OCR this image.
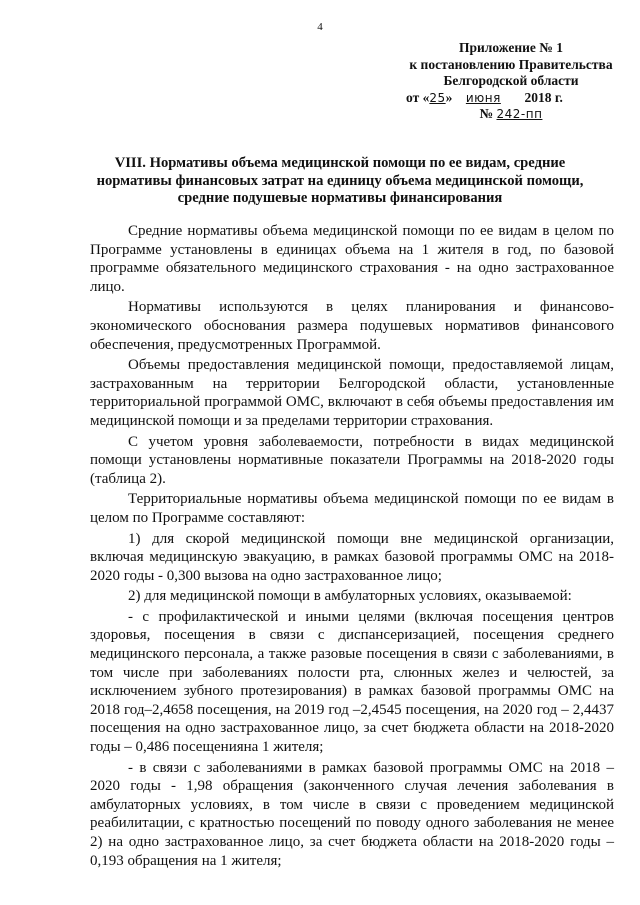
4
Приложение № 1
к постановлению Правительства
Белгородской области
от «25» июня 2018 г.
№ 242-пп
VIII. Нормативы объема медицинской помощи по ее видам, средние нормативы финансовых затрат на единицу объема медицинской помощи, средние подушевые нормативы финансирования

Средние нормативы объема медицинской помощи по ее видам в целом по Программе установлены в единицах объема на 1 жителя в год, по базовой программе обязательного медицинского страхования - на одно застрахованное лицо.

Нормативы используются в целях планирования и финансово-экономического обоснования размера подушевых нормативов финансового обеспечения, предусмотренных Программой.

Объемы предоставления медицинской помощи, предоставляемой лицам, застрахованным на территории Белгородской области, установленные территориальной программой ОМС, включают в себя объемы предоставления им медицинской помощи и за пределами территории страхования.

С учетом уровня заболеваемости, потребности в видах медицинской помощи установлены нормативные показатели Программы на 2018-2020 годы (таблица 2).

Территориальные нормативы объема медицинской помощи по ее видам в целом по Программе составляют:

1) для скорой медицинской помощи вне медицинской организации, включая медицинскую эвакуацию, в рамках базовой программы ОМС на 2018-2020 годы - 0,300 вызова на одно застрахованное лицо;

2) для медицинской помощи в амбулаторных условиях, оказываемой:

- с профилактической и иными целями (включая посещения центров здоровья, посещения в связи с диспансеризацией, посещения среднего медицинского персонала, а также разовые посещения в связи с заболеваниями, в том числе при заболеваниях полости рта, слюнных желез и челюстей, за исключением зубного протезирования) в рамках базовой программы ОМС на 2018 год–2,4658 посещения, на 2019 год –2,4545 посещения, на 2020 год – 2,4437 посещения на одно застрахованное лицо, за счет бюджета области на 2018-2020 годы – 0,486 посещениянa 1 жителя;

- в связи с заболеваниями в рамках базовой программы ОМС на 2018 – 2020 годы - 1,98 обращения (законченного случая лечения заболевания в амбулаторных условиях, в том числе в связи с проведением медицинской реабилитации, с кратностью посещений по поводу одного заболевания не менее 2) на одно застрахованное лицо, за счет бюджета области на 2018-2020 годы – 0,193 обращения на 1 жителя;
